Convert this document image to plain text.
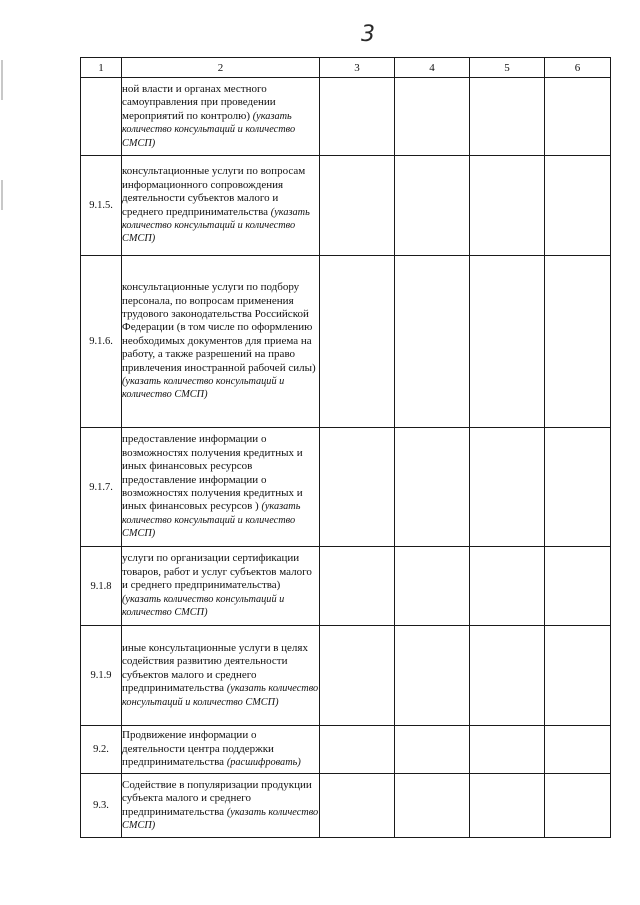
3
1	2	3	4	5	6
	ной власти и органах местного самоуправления при проведении мероприятий по контролю) (указать количество консультаций и количество СМСП)				
9.1.5.	консультационные услуги по вопросам информационного сопровождения деятельности субъектов малого и среднего предпринимательства (указать количество консультаций и количество СМСП)				
9.1.6.	консультационные услуги по подбору персонала, по вопросам применения трудового законодательства Российской Федерации (в том числе по оформлению необходимых документов для приема на работу, а также разрешений на право привлечения иностранной рабочей силы) (указать количество консультаций и количество СМСП)				
9.1.7.	предоставление информации о возможностях получения кредитных и иных финансовых ресурсов предоставление информации о возможностях получения кредитных и иных финансовых ресурсов ) (указать количество консультаций и количество СМСП)				
9.1.8	услуги по организации сертификации товаров, работ и услуг субъектов малого и среднего предпринимательства) (указать количество консультаций и количество СМСП)				
9.1.9	иные консультационные услуги в целях содействия развитию деятельности субъектов малого и среднего предпринимательства (указать количество консультаций и количество СМСП)				
9.2.	Продвижение информации о деятельности центра поддержки предпринимательства (расшифровать)				
9.3.	Содействие в популяризации продукции субъекта малого и среднего предпринимательства (указать количество СМСП)				
